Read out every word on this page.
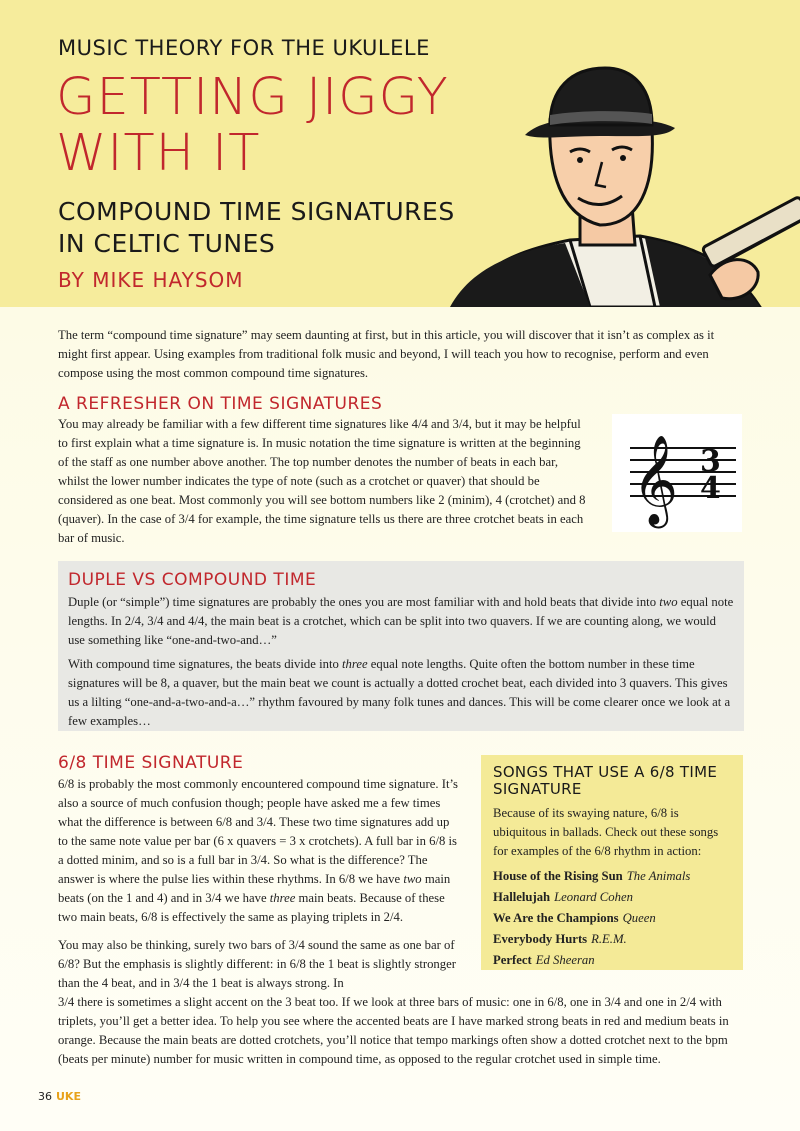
MUSIC THEORY FOR THE UKULELE
GETTING JIGGY
WITH IT
COMPOUND TIME SIGNATURES
IN CELTIC TUNES
BY MIKE HAYSOM

The term “compound time signature” may seem daunting at first, but in this article, you will discover that it isn’t as complex as it might first appear. Using examples from traditional folk music and beyond, I will teach you how to recognise, perform and even compose using the most common compound time signatures.

A REFRESHER ON TIME SIGNATURES

You may already be familiar with a few different time signatures like 4/4 and 3/4, but it may be helpful to first explain what a time signature is. In music notation the time signature is written at the beginning of the staff as one number above another. The top number denotes the number of beats in each bar, whilst the lower number indicates the type of note (such as a crotchet or quaver) that should be considered as one beat. Most commonly you will see bottom numbers like 2 (minim), 4 (crotchet) and 8 (quaver). In the case of 3/4 for example, the time signature tells us there are three crotchet beats in each bar of music.

𝄞 3
4
DUPLE VS COMPOUND TIME

Duple (or “simple”) time signatures are probably the ones you are most familiar with and hold beats that divide into two equal note lengths. In 2/4, 3/4 and 4/4, the main beat is a crotchet, which can be split into two quavers. If we are counting along, we would use something like “one-and-two-and…”

With compound time signatures, the beats divide into three equal note lengths. Quite often the bottom number in these time signatures will be 8, a quaver, but the main beat we count is actually a dotted crochet beat, each divided into 3 quavers. This gives us a lilting “one-and-a-two-and-a…” rhythm favoured by many folk tunes and dances. This will be come clearer once we look at a few examples…

6/8 TIME SIGNATURE

6/8 is probably the most commonly encountered compound time signature. It’s also a source of much confusion though; people have asked me a few times what the difference is between 6/8 and 3/4. These two time signatures add up to the same note value per bar (6 x quavers = 3 x crotchets). A full bar in 6/8 is a dotted minim, and so is a full bar in 3/4. So what is the difference? The answer is where the pulse lies within these rhythms. In 6/8 we have two main beats (on the 1 and 4) and in 3/4 we have three main beats. Because of these two main beats, 6/8 is effectively the same as playing triplets in 2/4.

You may also be thinking, surely two bars of 3/4 sound the same as one bar of 6/8? But the emphasis is slightly different: in 6/8 the 1 beat is slightly stronger than the 4 beat, and in 3/4 the 1 beat is always strong. In

3/4 there is sometimes a slight accent on the 3 beat too. If we look at three bars of music: one in 6/8, one in 3/4 and one in 2/4 with triplets, you’ll get a better idea. To help you see where the accented beats are I have marked strong beats in red and medium beats in orange. Because the main beats are dotted crotchets, you’ll notice that tempo markings often show a dotted crotchet next to the bpm (beats per minute) number for music written in compound time, as opposed to the regular crotchet used in simple time.

SONGS THAT USE A 6/8 TIME SIGNATURE

Because of its swaying nature, 6/8 is ubiquitous in ballads. Check out these songs for examples of the 6/8 rhythm in action:

House of the Rising Sun The Animals
Hallelujah Leonard Cohen
We Are the Champions Queen
Everybody Hurts R.E.M.
Perfect Ed Sheeran
36 UKE
